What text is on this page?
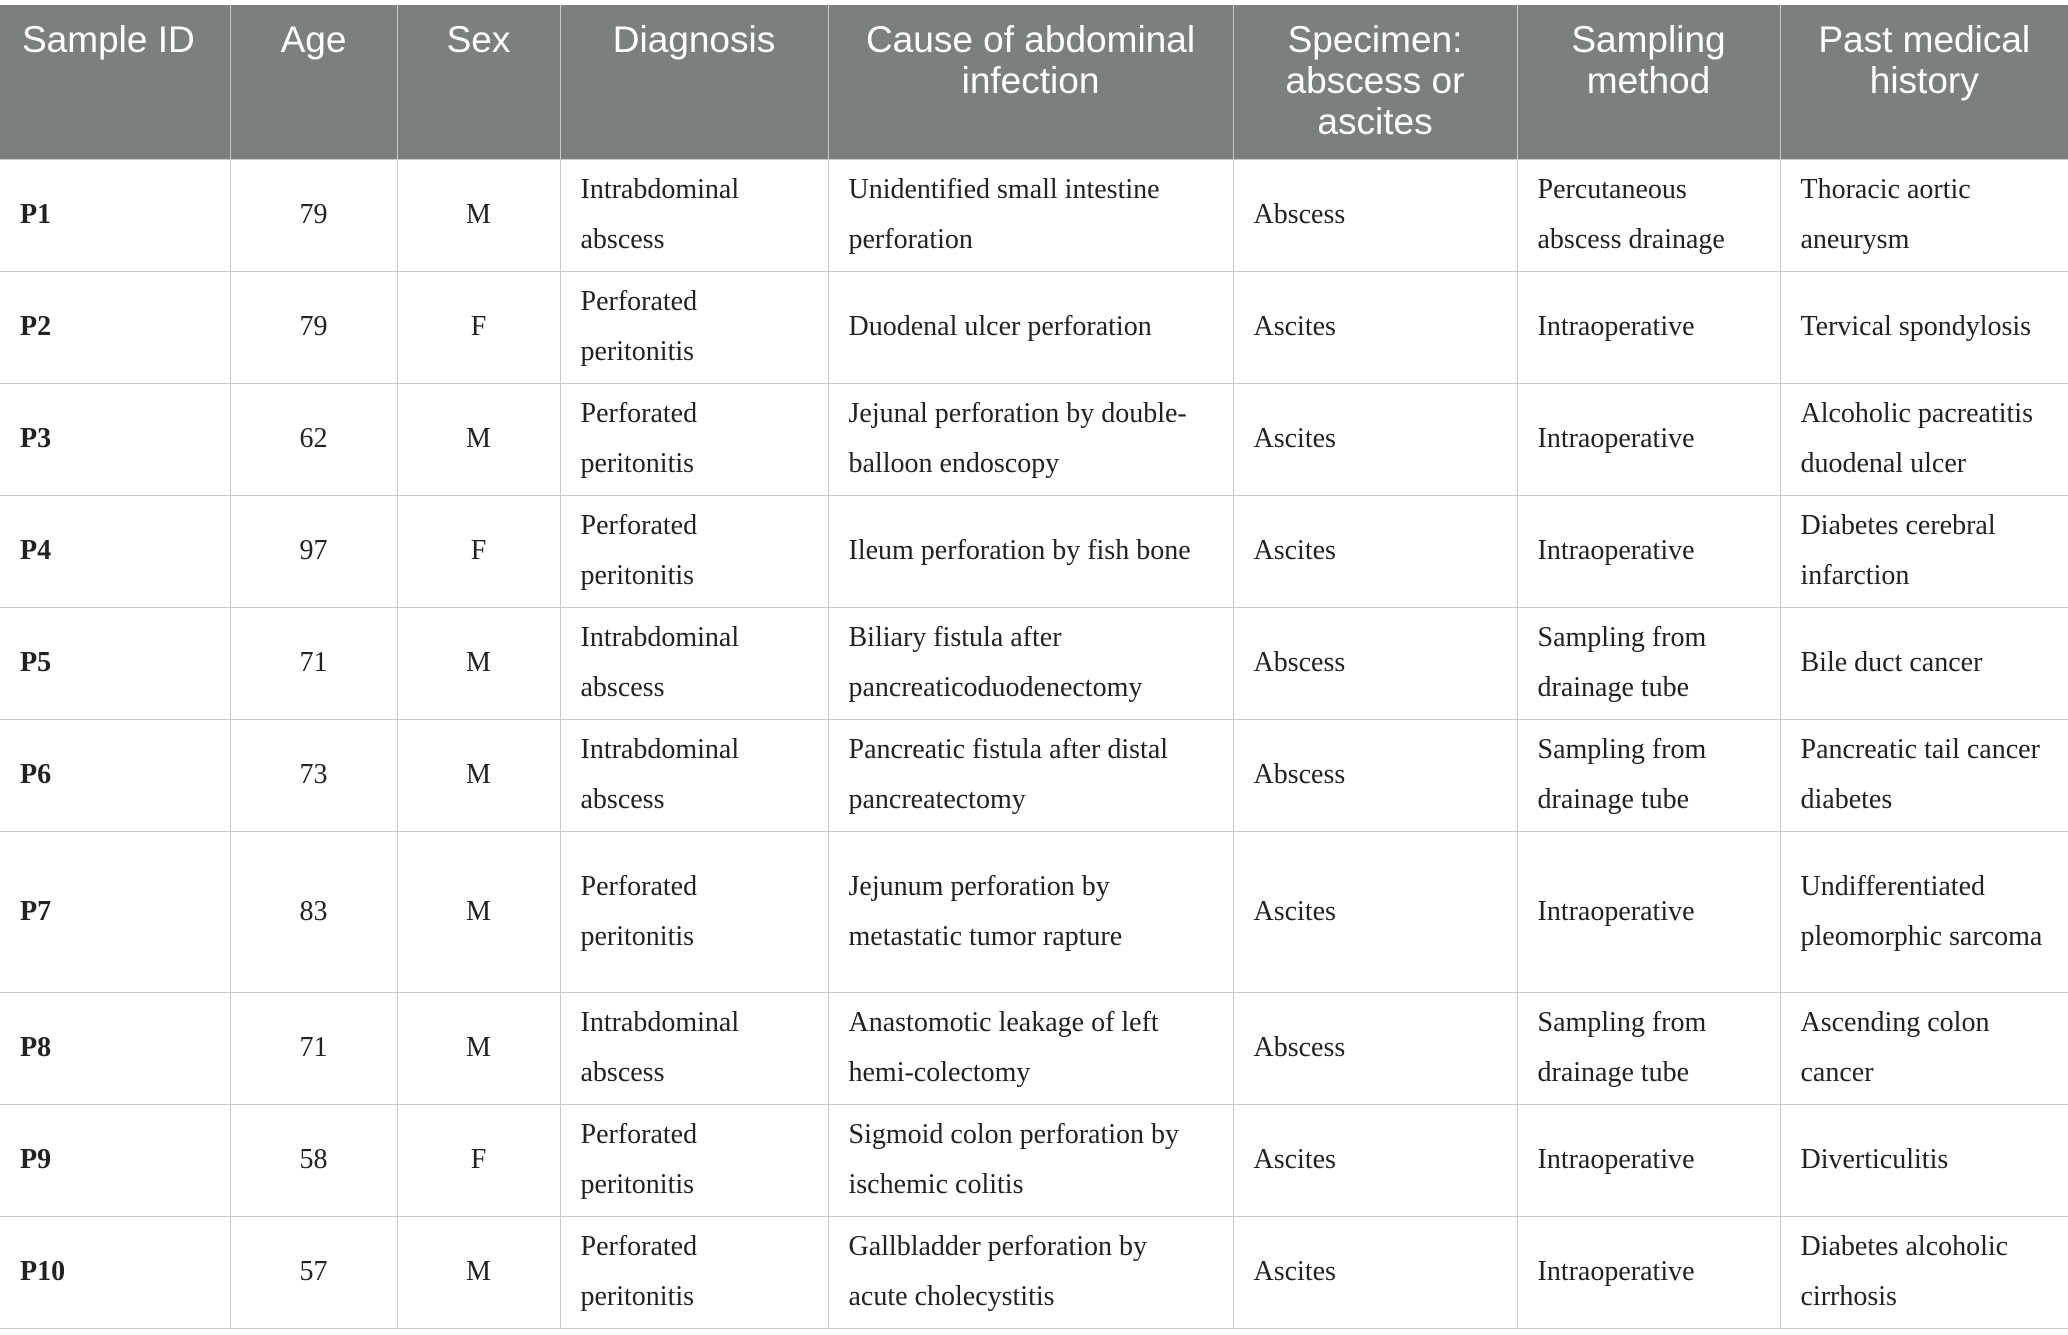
Sample ID	Age	Sex	Diagnosis	Cause of abdominal infection	Specimen: abscess or ascites	Sampling method	Past medical history
P1	79	M	Intrabdominal abscess	Unidentified small intestine perforation	Abscess	Percutaneous abscess drainage	Thoracic aortic aneurysm
P2	79	F	Perforated peritonitis	Duodenal ulcer perforation	Ascites	Intraoperative	Tervical spondylosis
P3	62	M	Perforated peritonitis	Jejunal perforation by double-balloon endoscopy	Ascites	Intraoperative	Alcoholic pacreatitis duodenal ulcer
P4	97	F	Perforated peritonitis	Ileum perforation by fish bone	Ascites	Intraoperative	Diabetes cerebral infarction
P5	71	M	Intrabdominal abscess	Biliary fistula after pancreaticoduodenectomy	Abscess	Sampling from drainage tube	Bile duct cancer
P6	73	M	Intrabdominal abscess	Pancreatic fistula after distal pancreatectomy	Abscess	Sampling from drainage tube	Pancreatic tail cancer diabetes
P7	83	M	Perforated peritonitis	Jejunum perforation by metastatic tumor rapture	Ascites	Intraoperative	Undifferentiated pleomorphic sarcoma
P8	71	M	Intrabdominal abscess	Anastomotic leakage of left hemi-colectomy	Abscess	Sampling from drainage tube	Ascending colon cancer
P9	58	F	Perforated peritonitis	Sigmoid colon perforation by ischemic colitis	Ascites	Intraoperative	Diverticulitis
P10	57	M	Perforated peritonitis	Gallbladder perforation by acute cholecystitis	Ascites	Intraoperative	Diabetes alcoholic cirrhosis
